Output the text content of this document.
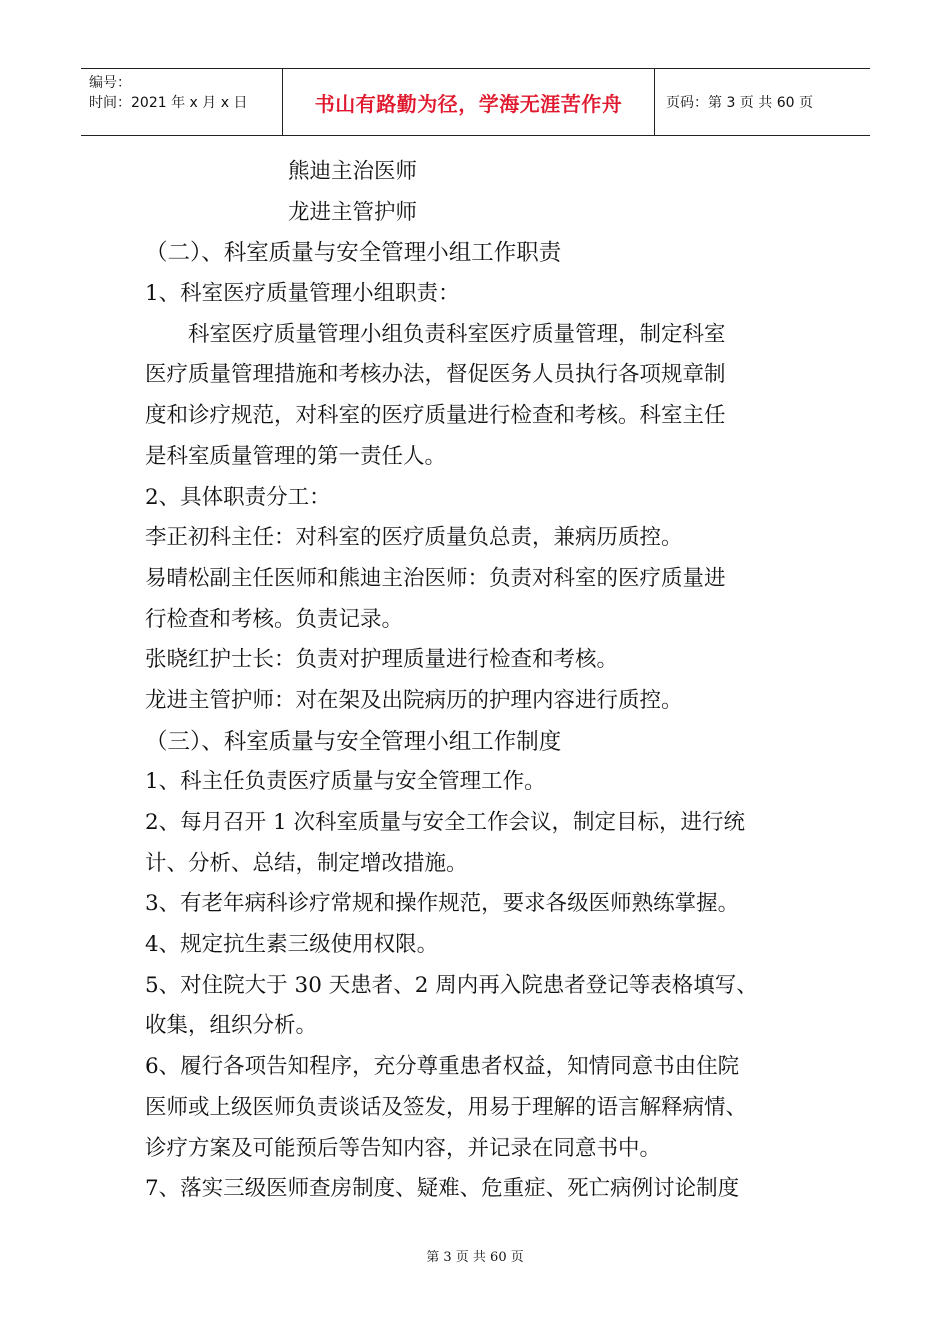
编号：
时间：2021 年 x 月 x 日	书山有路勤为径，学海无涯苦作舟	页码：第 3 页 共 60 页
熊迪主治医师
龙进主管护师
（二）、科室质量与安全管理小组工作职责
1、科室医疗质量管理小组职责：
科室医疗质量管理小组负责科室医疗质量管理，制定科室
医疗质量管理措施和考核办法，督促医务人员执行各项规章制
度和诊疗规范，对科室的医疗质量进行检查和考核。科室主任
是科室质量管理的第一责任人。
2、具体职责分工：
李正初科主任：对科室的医疗质量负总责，兼病历质控。
易晴松副主任医师和熊迪主治医师：负责对科室的医疗质量进
行检查和考核。负责记录。
张晓红护士长：负责对护理质量进行检查和考核。
龙进主管护师：对在架及出院病历的护理内容进行质控。
（三）、科室质量与安全管理小组工作制度
1、科主任负责医疗质量与安全管理工作。
2、每月召开 1 次科室质量与安全工作会议，制定目标，进行统
计、分析、总结，制定增改措施。
3、有老年病科诊疗常规和操作规范，要求各级医师熟练掌握。
4、规定抗生素三级使用权限。
5、对住院大于 30 天患者、2 周内再入院患者登记等表格填写、
收集，组织分析。
6、履行各项告知程序，充分尊重患者权益，知情同意书由住院
医师或上级医师负责谈话及签发，用易于理解的语言解释病情、
诊疗方案及可能预后等告知内容，并记录在同意书中。
7、落实三级医师查房制度、疑难、危重症、死亡病例讨论制度
第 3 页 共 60 页
